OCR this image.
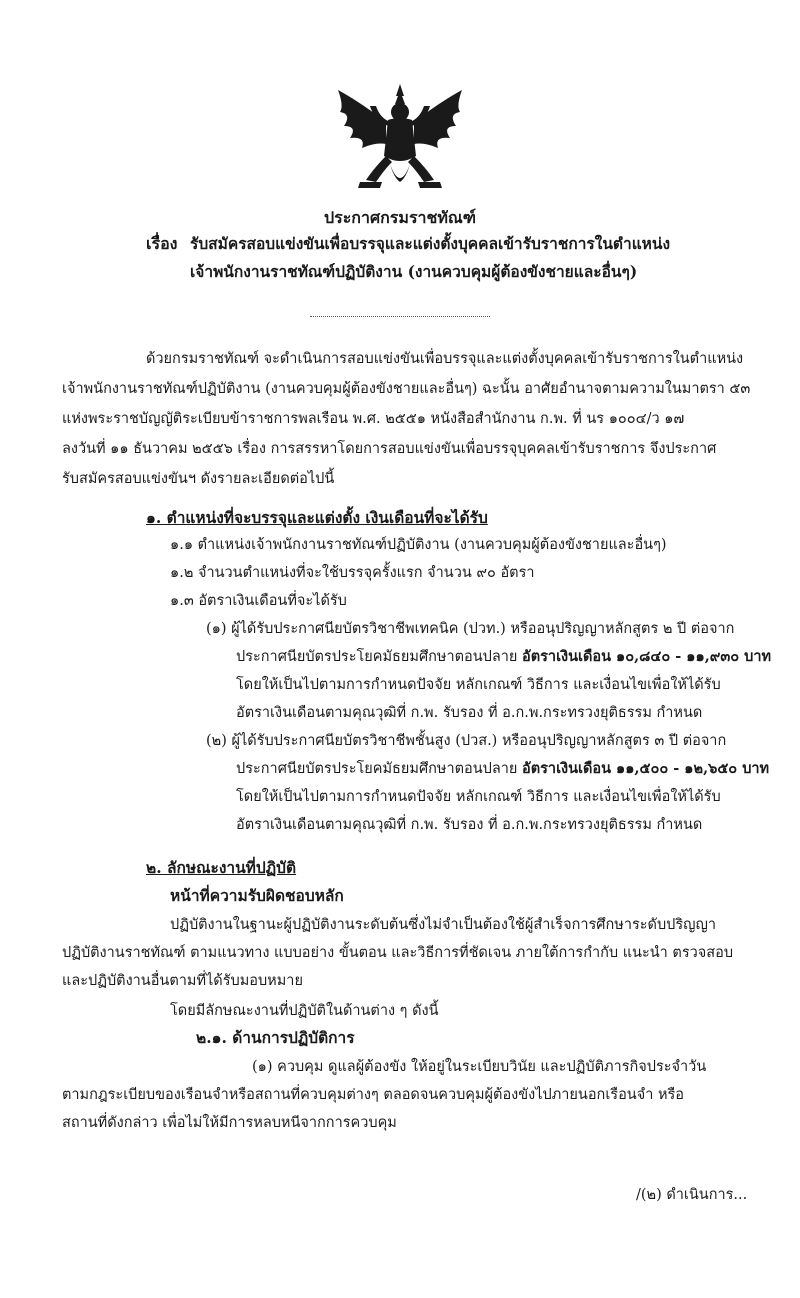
ประกาศกรมราชทัณฑ์
เรื่อง รับสมัครสอบแข่งขันเพื่อบรรจุและแต่งตั้งบุคคลเข้ารับราชการในตำแหน่ง
เจ้าพนักงานราชทัณฑ์ปฏิบัติงาน (งานควบคุมผู้ต้องขังชายและอื่นๆ)
ด้วยกรมราชทัณฑ์ จะดำเนินการสอบแข่งขันเพื่อบรรจุและแต่งตั้งบุคคลเข้ารับราชการในตำแหน่ง
เจ้าพนักงานราชทัณฑ์ปฏิบัติงาน (งานควบคุมผู้ต้องขังชายและอื่นๆ) ฉะนั้น อาศัยอำนาจตามความในมาตรา ๕๓
แห่งพระราชบัญญัติระเบียบข้าราชการพลเรือน พ.ศ. ๒๕๕๑ หนังสือสำนักงาน ก.พ. ที่ นร ๑๐๐๔/ว ๑๗
ลงวันที่ ๑๑ ธันวาคม ๒๕๕๖ เรื่อง การสรรหาโดยการสอบแข่งขันเพื่อบรรจุบุคคลเข้ารับราชการ จึงประกาศ
รับสมัครสอบแข่งขันฯ ดังรายละเอียดต่อไปนี้
๑. ตำแหน่งที่จะบรรจุและแต่งตั้ง เงินเดือนที่จะได้รับ
๑.๑ ตำแหน่งเจ้าพนักงานราชทัณฑ์ปฏิบัติงาน (งานควบคุมผู้ต้องขังชายและอื่นๆ)
๑.๒ จำนวนตำแหน่งที่จะใช้บรรจุครั้งแรก จำนวน ๙๐ อัตรา
๑.๓ อัตราเงินเดือนที่จะได้รับ
(๑) ผู้ได้รับประกาศนียบัตรวิชาชีพเทคนิค (ปวท.) หรืออนุปริญญาหลักสูตร ๒ ปี ต่อจาก
ประกาศนียบัตรประโยคมัธยมศึกษาตอนปลาย อัตราเงินเดือน ๑๐,๘๔๐ - ๑๑,๙๓๐ บาท
โดยให้เป็นไปตามการกำหนดปัจจัย หลักเกณฑ์ วิธีการ และเงื่อนไขเพื่อให้ได้รับ
อัตราเงินเดือนตามคุณวุฒิที่ ก.พ. รับรอง ที่ อ.ก.พ.กระทรวงยุติธรรม กำหนด
(๒) ผู้ได้รับประกาศนียบัตรวิชาชีพชั้นสูง (ปวส.) หรืออนุปริญญาหลักสูตร ๓ ปี ต่อจาก
ประกาศนียบัตรประโยคมัธยมศึกษาตอนปลาย อัตราเงินเดือน ๑๑,๕๐๐ - ๑๒,๖๕๐ บาท
โดยให้เป็นไปตามการกำหนดปัจจัย หลักเกณฑ์ วิธีการ และเงื่อนไขเพื่อให้ได้รับ
อัตราเงินเดือนตามคุณวุฒิที่ ก.พ. รับรอง ที่ อ.ก.พ.กระทรวงยุติธรรม กำหนด
๒. ลักษณะงานที่ปฏิบัติ
หน้าที่ความรับผิดชอบหลัก
ปฏิบัติงานในฐานะผู้ปฏิบัติงานระดับต้นซึ่งไม่จำเป็นต้องใช้ผู้สำเร็จการศึกษาระดับปริญญา
ปฏิบัติงานราชทัณฑ์ ตามแนวทาง แบบอย่าง ขั้นตอน และวิธีการที่ชัดเจน ภายใต้การกำกับ แนะนำ ตรวจสอบ
และปฏิบัติงานอื่นตามที่ได้รับมอบหมาย
โดยมีลักษณะงานที่ปฏิบัติในด้านต่าง ๆ ดังนี้
๒.๑. ด้านการปฏิบัติการ
(๑) ควบคุม ดูแลผู้ต้องขัง ให้อยู่ในระเบียบวินัย และปฏิบัติภารกิจประจำวัน
ตามกฎระเบียบของเรือนจำหรือสถานที่ควบคุมต่างๆ ตลอดจนควบคุมผู้ต้องขังไปภายนอกเรือนจำ หรือ
สถานที่ดังกล่าว เพื่อไม่ให้มีการหลบหนีจากการควบคุม
/(๒) ดำเนินการ...
